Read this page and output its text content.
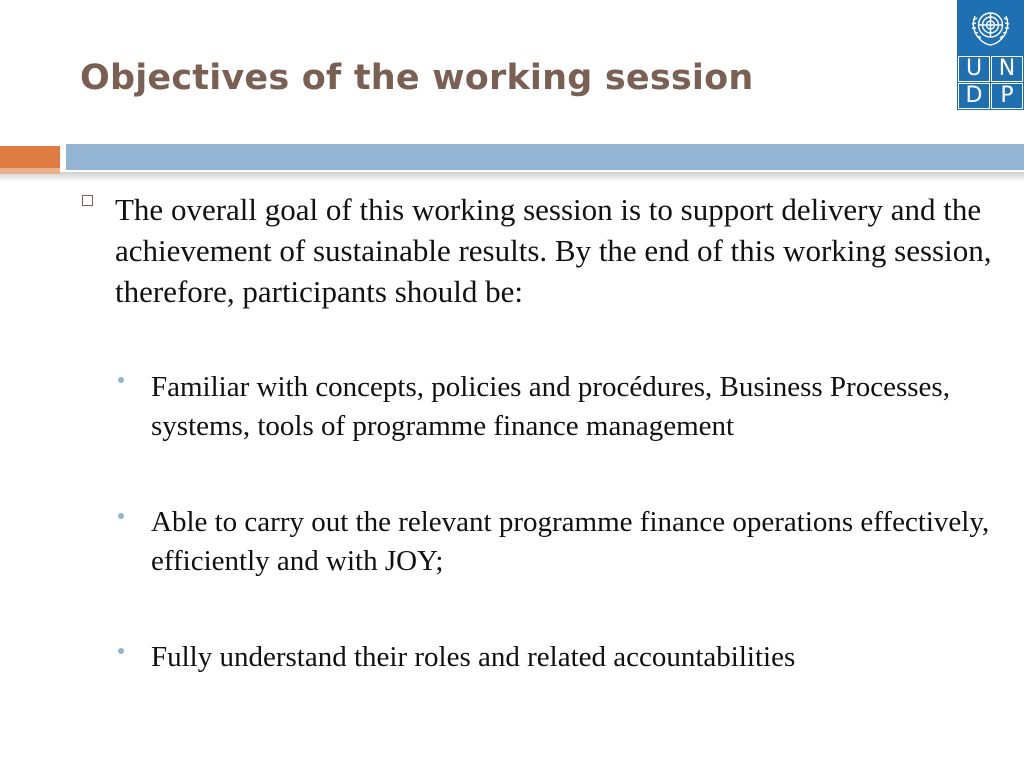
Objectives of the working session	U N
D P
The overall goal of this working session is to support delivery and the achievement of sustainable results. By the end of this working session, therefore, participants should be:
Familiar with concepts, policies and procédures, Business Processes, systems, tools of programme finance management
Able to carry out the relevant programme finance operations effectively, efficiently and with JOY;
Fully understand their roles and related accountabilities
